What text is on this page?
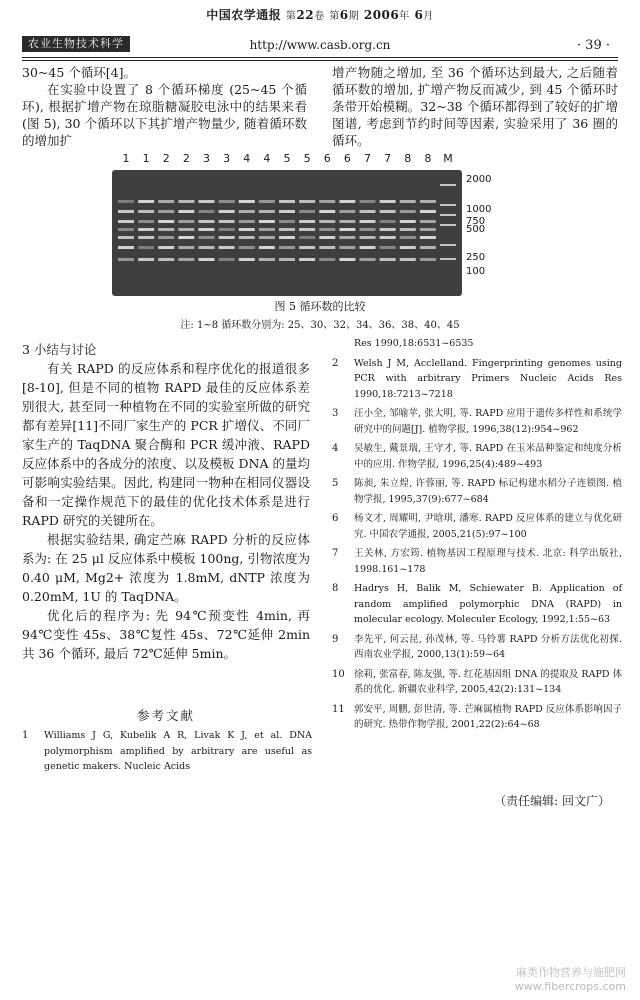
中国农学通报 第22卷 第6期 2006年 6月
农业生物技术科学	http://www.casb.org.cn	· 39 ·

30~45 个循环[4]。

在实验中设置了 8 个循环梯度 (25~45 个循环), 根据扩增产物在琼脂糖凝胶电泳中的结果来看 (图 5), 30 个循环以下其扩增产物量少, 随着循环数的增加扩

增产物随之增加, 至 36 个循环达到最大, 之后随着循环数的增加, 扩增产物反而减少, 到 45 个循环时条带开始模糊。32~38 个循环都得到了较好的扩增图谱, 考虑到节约时间等因素, 实验采用了 36 圈的循环。

1 1 2 2 3 3 4 4 5 5 6 6 7 7 8 8 M
2000
1000
750
500
250
100
图 5 循环数的比较
注: 1~8 循环数分别为: 25、30、32、34、36、38、40、45

3 小结与讨论

有关 RAPD 的反应体系和程序优化的报道很多[8-10], 但是不同的植物 RAPD 最佳的反应体系差别很大, 甚至同一种植物在不同的实验室所做的研究都有差异[11]不同厂家生产的 PCR 扩增仪、不同厂家生产的 TaqDNA 聚合酶和 PCR 缓冲液、RAPD 反应体系中的各成分的浓度、以及模板 DNA 的量均可影响实验结果。因此, 构建同一物种在相同仪器设备和一定操作规范下的最佳的优化技术体系是进行 RAPD 研究的关键所在。

根据实验结果, 确定苎麻 RAPD 分析的反应体系为: 在 25 μl 反应体系中模板 100ng, 引物浓度为 0.40 μM, Mg2+ 浓度为 1.8mM, dNTP 浓度为 0.20mM, 1U 的 TaqDNA。

优化后的程序为: 先 94℃预变性 4min, 再 94℃变性 45s、38℃复性 45s、72℃延伸 2min 共 36 个循环, 最后 72℃延伸 5min。

参考文献
1	Williams J G, Kubelik A R, Livak K J, et al. DNA polymorphism amplified by arbitrary are useful as genetic makers. Nucleic Acids
Res 1990,18:6531~6535
2	Welsh J M, Acclelland. Fingerprinting genomes using PCR with arbitrary Primers Nucleic Acids Res 1990,18:7213~7218
3	汪小全, 邹喻苹, 张大明, 等. RAPD 应用于遗传多样性和系统学研究中的问题[J]. 植物学报, 1996,38(12):954~962
4	吴敏生, 戴景瑞, 王守才, 等. RAPD 在玉米品种鉴定和纯度分析中的应用. 作物学报, 1996,25(4):489~493
5	陈昶, 朱立煌, 许蓉丽, 等. RAPD 标记构建水稻分子连锁图. 植物学报, 1995,37(9):677~684
6	杨文才, 周耀明, 尹晗琪, 潘寒. RAPD 反应体系的建立与优化研究. 中国农学通报, 2005,21(5):97~100
7	王关林, 方宏筠. 植物基因工程原理与技术. 北京: 科学出版社, 1998.161~178
8	Hadrys H, Balik M, Schiewater B. Application of random amplified polymorphic DNA (RAPD) in molecular ecology. Moleculer Ecology, 1992,1:55~63
9	李先平, 何云昆, 孙茂林, 等. 马铃薯 RAPD 分析方法优化初探. 西南农业学报, 2000,13(1):59~64
10 徐莉, 张富春, 陈友强, 等. 红花基因组 DNA 的提取及 RAPD 体系的优化. 新疆农业科学, 2005,42(2):131~134
11 郭安平, 周鹏, 彭世清, 等. 芒麻属植物 RAPD 反应体系影响因子的研究. 热带作物学报, 2001,22(2):64~68
（责任编辑: 回文广）
麻类作物营养与施肥网
www.fibercrops.com
